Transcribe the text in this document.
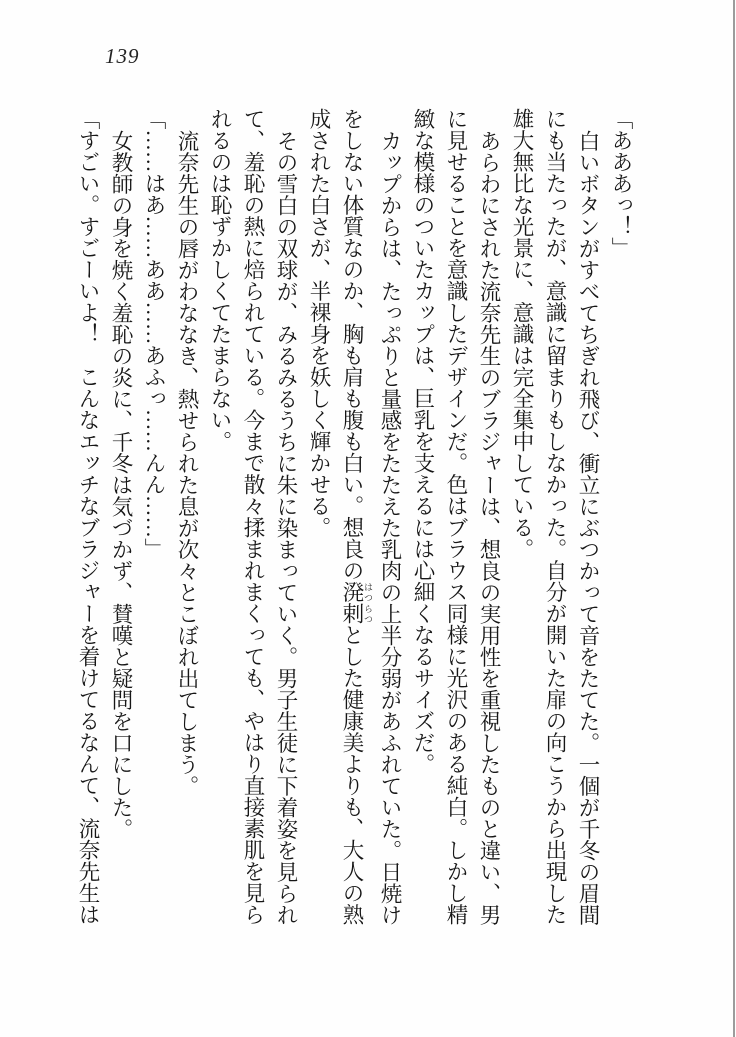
139

「あああっ！」

白いボタンがすべてちぎれ飛び、衝立にぶつかって音をたてた。一個が千冬の眉間

にも当たったが、意識に留まりもしなかった。自分が開いた扉の向こうから出現した

雄大無比な光景に、意識は完全集中している。

あらわにされた流奈先生のブラジャーは、想良の実用性を重視したものと違い、男

に見せることを意識したデザインだ。色はブラウス同様に光沢のある純白。しかし精

緻な模様のついたカップは、巨乳を支えるには心細くなるサイズだ。

カップからは、たっぷりと量感をたたえた乳肉の上半分弱があふれていた。日焼け

をしない体質なのか、胸も肩も腹も白い。想良の溌剌 はつらつとした健康美よりも、大人の熟

成された白さが、半裸身を妖しく輝かせる。

その雪白の双球が、みるみるうちに朱に染まっていく。男子生徒に下着姿を見られ

て、羞恥の熱に焙られている。今まで散々揉まれまくっても、やはり直接素肌を見ら

れるのは恥ずかしくてたまらない。

流奈先生の唇がわななき、熱せられた息が次々とこぼれ出てしまう。

「……はあ……ああ……あふっ……んん……」

女教師の身を焼く羞恥の炎に、千冬は気づかず、賛嘆と疑問を口にした。

「すごい。すごーいよ！　こんなエッチなブラジャーを着けてるなんて、流奈先生は
